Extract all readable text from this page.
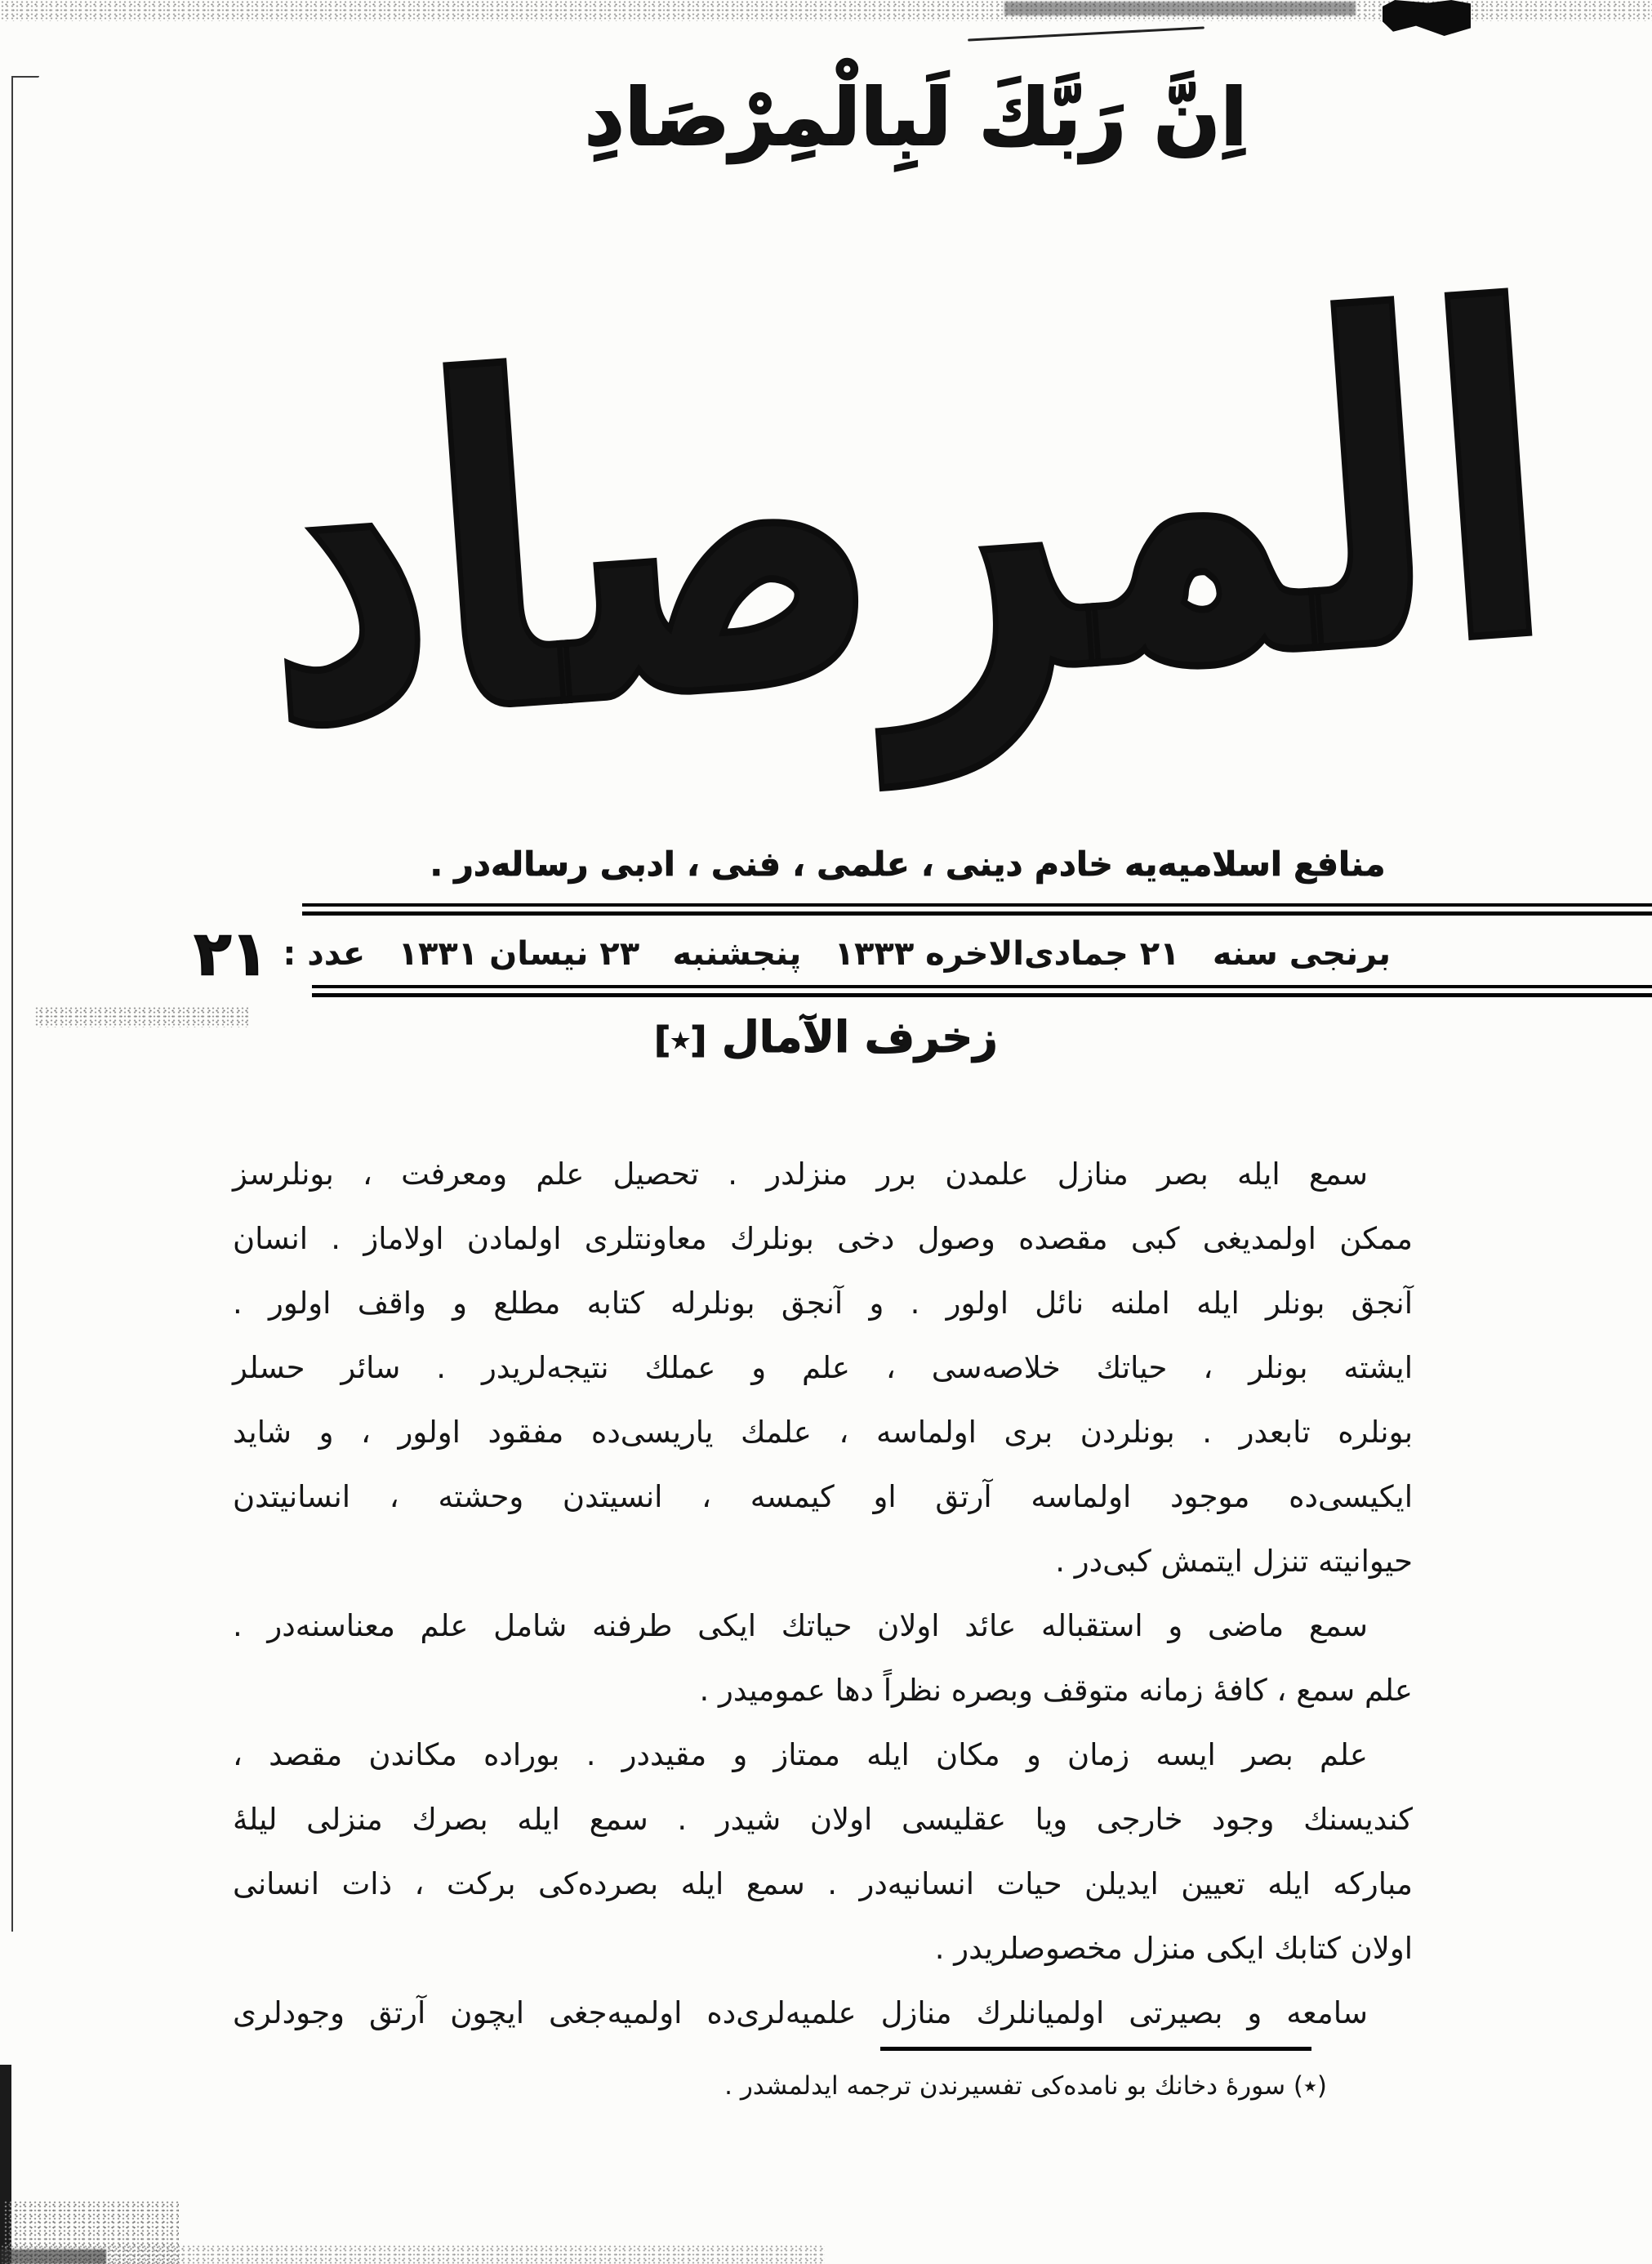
اِنَّ رَبَّكَ لَبِالْمِرْصَادِ
المرصاد
منافع اسلاميه‌يه خادم دينى ، علمى ، فنى ، ادبى رساله‌در .
برنجى سنه
٢١ جمادى‌الاخره ١٣٣٣
پنجشنبه
٢٣ نيسان ١٣٣١
عدد :
٢١
زخرف الآمال [٭]
سمع ايله بصر منازل علمدن برر منزلدر . تحصيل علم ومعرفت ، بونلرسز
ممكن اولمديغى كبى مقصده وصول دخى بونلرك معاونتلرى اولمادن اولاماز . انسان
آنجق بونلر ايله املنه نائل اولور . و آنجق بونلرله كتابه مطلع و واقف اولور .
ايشته بونلر ، حياتك خلاصه‌سى ، علم و عملك نتيجه‌لريدر . سائر حسلر
بونلره تابعدر . بونلردن برى اولماسه ، علمك ياريسى‌ده مفقود اولور ، و شايد
ايكيسى‌ده موجود اولماسه آرتق او كيمسه ، انسيتدن وحشته ، انسانيتدن
حيوانيته تنزل ايتمش كبى‌در .
سمع ماضى و استقباله عائد اولان حياتك ايكى طرفنه شامل علم معناسنه‌در .
علم سمع ، كافهٔ زمانه متوقف وبصره نظراً دها عموميدر .
علم بصر ايسه زمان و مكان ايله ممتاز و مقيددر . بوراده مكاندن مقصد ،
كنديسنك وجود خارجى ويا عقليسى اولان شيدر . سمع ايله بصرك منزلى ليلهٔ
مباركه ايله تعيين ايديلن حيات انسانيه‌در . سمع ايله بصرده‌كى بركت ، ذات انسانى
اولان كتابك ايكى منزل مخصوصلريدر .
سامعه و بصيرتى اولميانلرك منازل علميه‌لرى‌ده اولميه‌جغى ايچون آرتق وجودلرى
(٭) سورهٔ دخانك بو نامده‌كى تفسيرندن ترجمه ايدلمشدر .
